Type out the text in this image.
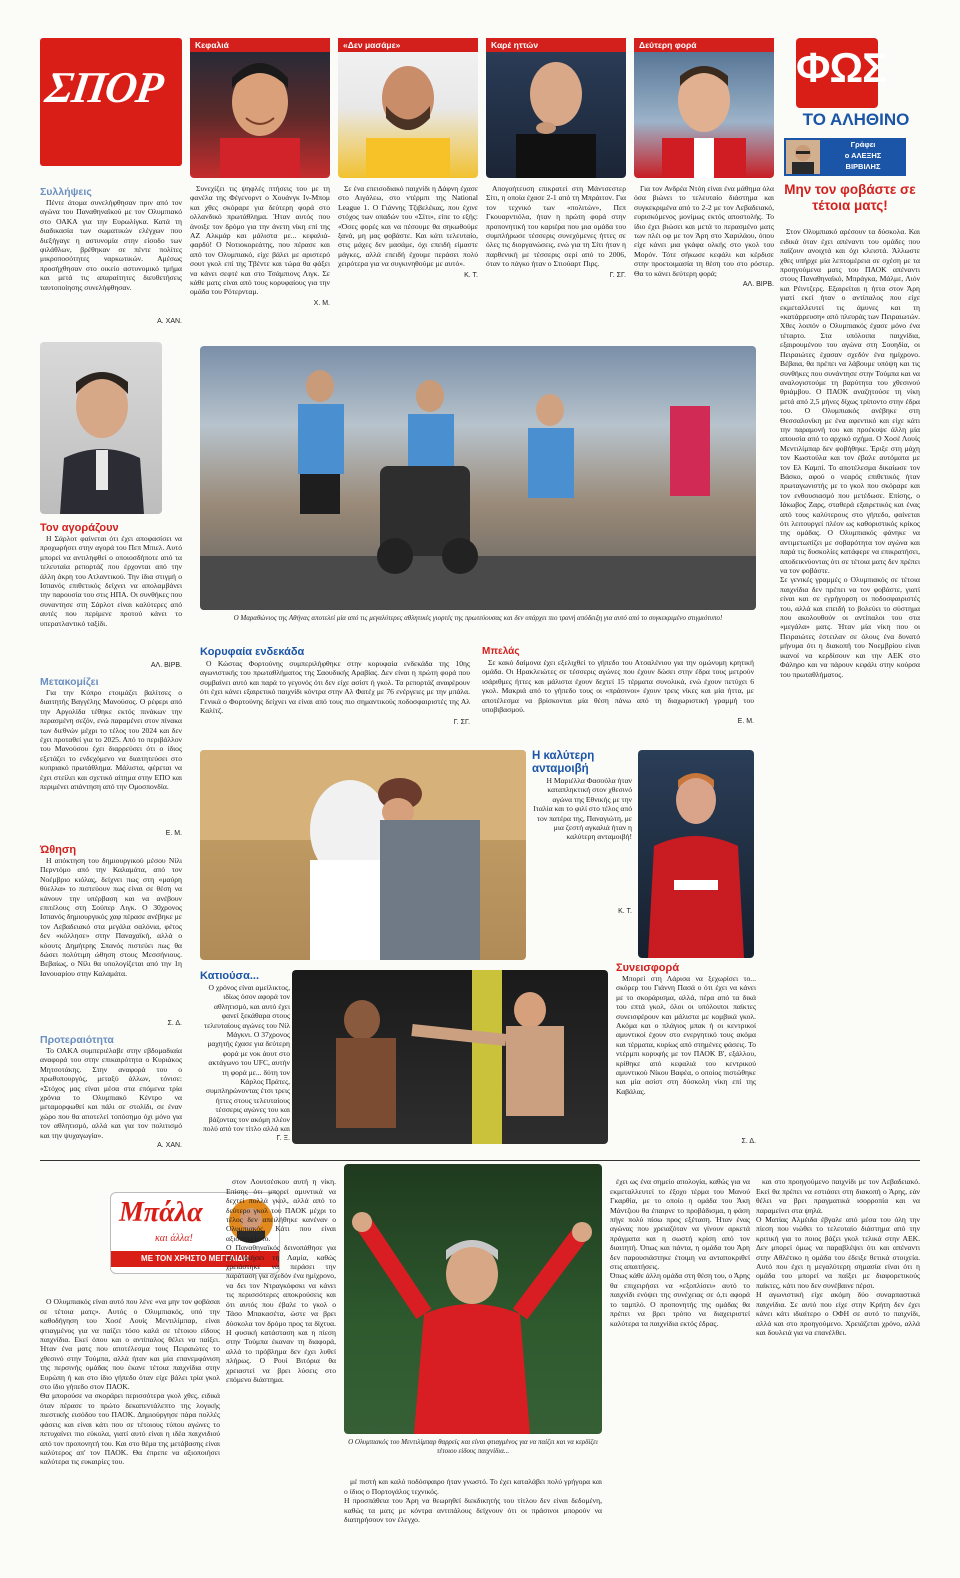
ΣΠΟΡ
Κεφαλιά	«Δεν μασάμε»	Καρέ ηττών	Δεύτερη φορά	ΦΩΣ
ΤΟ ΑΛΗΘΙΝΟ
Γράφει
ο ΑΛΕΞΗΣ
ΒΙΡΒΙΛΗΣ

Συνεχίζει τις ψηφλές πτήσεις του με τη φανέλα της Φέγενορντ ο Χουάνγκ Ιν-Μπομ και χθες σκόραρε για δεύτερη φορά στο ολλανδικό πρωτάθλημα. Ήταν αυτός που άνοιξε τον δρόμο για την άνετη νίκη επί της ΑΖ Αλκμάρ και μάλιστα με... κεφαλιά-φαρδύ! Ο Νοτιοκορεάτης, που πέρασε και από τον Ολυμπιακό, είχε βάλει με αριστερό σουτ γκολ επί της Τβέντε και τώρα θα φάξει να κάνει σεφτέ και στο Τσάμπιονς Λιγκ. Σε κάθε ματς είναι από τους κορυφαίους για την ομάδα του Ρότερνταμ.

Χ. Μ.

Σε ένα επεισοδιακό παιχνίδι η Δάφνη έχασε στο Αιγάλεω, στο ντέρμπι της National League 1. Ο Γιάννης Τζιβελέκας, που έχινε στόχος των οπαδών του «Σίτι», είπε το εξής: «Όσες φορές και να πέσουμε θα σηκωθούμε ξανά, μη μας φοβάστε. Και κάτι τελευταίο, στις μάχες δεν μασάμε, όχι επειδή είμαστε μάγκες, αλλά επειδή έχουμε περάσει πολύ χειρότερα για να συγκινηθούμε με αυτό».

Κ. Τ.

Απογοήτευση επικρατεί στη Μάντσεστερ Σίτι, η οποία έχασε 2-1 από τη Μπράιτον. Για τον τεχνικό των «πολιτών», Πεπ Γκουαρντιόλα, ήταν η πρώτη φορά στην προπονητική του καριέρα που μια ομάδα του συμπλήρωσε τέσσερις συνεχόμενες ήττες σε όλες τις διοργανώσεις, ενώ για τη Σίτι ήταν η παρθενική με τέσσερις σερί από το 2006, όταν το πάγκο ήταν ο Στιούαρτ Πιρς.

Γ. ΣΓ.

Για τον Ανδρέα Ντόη είναι ένα μάθημα όλα όσα βιώνει το τελευταίο διάστημα και συγκεκριμένα από το 2-2 με τον Λεβαδειακό, ευρισκόμενος μονίμως εκτός αποστολής. Το ίδιο έχει βιώσει και μετά το περασμένο ματς των πλέι οφ με τον Άρη στο Χαριλάου, όπου είχε κάνει μια γκάφα ολκής στο γκολ του Μορόν. Τότε σήκωσε κεφάλι και κέρδισε στην προετοιμασία τη θέση του στο ρόστερ. Θα το κάνει δεύτερη φορά;

ΑΛ. ΒΙΡΒ.
Συλλήψεις

Πέντε άτομα συνελήφθησαν πριν από τον αγώνα του Παναθηναϊκού με τον Ολυμπιακό στο ΟΑΚΑ για την Ευρωλίγκα. Κατά τη διαδικασία των σωματικών ελέγχων που διεξήγαγε η αστυνομία στην είσοδο των φιλάθλων, βρέθηκαν σε πέντε πολίτες μικροποσότητες ναρκωτικών. Αμέσως προσήχθησαν στο οικείο αστυνομικό τμήμα και μετά τις απαραίτητες διευθετήσεις ταυτοποίησης συνελήφθησαν.

Α. ΧΑΝ.
Τον αγοράζουν

Η Σάρλοτ φαίνεται ότι έχει αποφασίσει να προχωρήσει στην αγορά του Πεπ Μπιελ. Αυτό μπορεί να αντιληφθεί ο οποιοσδήποτε από τα τελευταία ρεπορτάζ που έρχονται από την άλλη άκρη του Ατλαντικού. Την ίδια στιγμή ο Ισπανός επιθετικός δείχνει να απολαμβάνει την παρουσία του στις ΗΠΑ. Οι συνθήκες που συναντησε στη Σάρλοτ είναι καλύτερες από αυτές που περίμενε προτού κάνει το υπερατλαντικό ταξίδι.

ΑΛ. ΒΙΡΒ.
Μετακομίζει

Για την Κύπρο ετοιμάζει βαλίτσες ο διαιτητής Βαγγέλης Μανούσος. Ο ρέφερι από την Αργολίδα τέθηκε εκτός πινάκων την περασμένη σεζόν, ενώ παραμένει στον πίνακα των διεθνών μέχρι το τέλος του 2024 και δεν έχει προταθεί για το 2025. Από το περιβάλλον του Μανούσου έχει διαρρεύσει ότι ο ίδιος εξετάζει το ενδεχόμενο να διαιτητεύσει στο κυπριακό πρωτάθλημα. Μάλιστα, φέρεται να έχει στείλει και σχετικό αίτημα στην ΕΠΟ και περιμένει απάντηση από την Ομοσπονδία.

Ε. Μ.
Ώθηση

Η απόκτηση του δημιουργικού μέσου Νίλι Περντόμο από την Καλαμάτα, από τον Νοέμβριο κιόλας, δείχνει πως στη «μαύρη θύελλα» το πιστεύουν πως είναι σε θέση να κάνουν την υπέρβαση και να ανέβουν επιτέλους στη Σούπερ Λιγκ. Ο 30χρονος Ισπανός δημιουργικός χαφ πέρασε ανέβηκε με τον Λεβαδειακό στα μεγάλα σαλόνια, φέτος δεν «κόλλησε» στην Παναχαϊκή, αλλά ο κόουτς Δημήτρης Σπανός πιστεύει πως θα δώσει πολύτιμη ώθηση στους Μεσσήνιους. Βεβαίως, ο Νίλι θα υπολογίζεται από την 1η Ιανουαρίου στην Καλαμάτα.

Σ. Δ.
Προτεραιότητα

Το ΟΑΚΑ συμπεριέλαβε στην εβδομαδιαία αναφορά του στην επικαιρότητα ο Κυριάκος Μητσοτάκης. Στην αναφορά του ο πρωθυπουργός, μεταξύ άλλων, τόνισε: «Στόχος μας είναι μέσα στα επόμενα τρία χρόνια το Ολυμπιακό Κέντρο να μεταμορφωθεί και πάλι σε στολίδι, σε έναν χώρο που θα αποτελεί τοπόσημο όχι μόνο για τον αθλητισμό, αλλά και για τον πολιτισμό και την ψυχαγωγία».

Α. ΧΑΝ.
Ο Μαραθώνιος της Αθήνας αποτελεί μία από τις μεγαλύτερες αθλητικές γιορτές της πρωτεύουσας και δεν υπάρχει πιο τρανή απόδειξη για αυτό από το συγκεκριμένο στιγμιότυπο!
Κορυφαία ενδεκάδα

Ο Κώστας Φορτούνης συμπεριλήφθηκε στην κορυφαία ενδεκάδα της 10ης αγωνιστικής του πρωταθλήματος της Σαουδικής Αραβίας. Δεν είναι η πρώτη φορά που συμβαίνει αυτό και παρά το γεγονός ότι δεν είχε ασίστ ή γκολ. Τα ρεπορτάζ αναφέρουν ότι έχει κάνει εξαιρετικό παιχνίδι κόντρα στην Αλ Φατέχ με 76 ενέργειες με την μπάλα. Γενικά ο Φορτούνης δείχνει να είναι από τους πιο σημαντικούς ποδοσφαιριστές της Αλ Καλίτζ.

Γ. ΣΓ.
Μπελάς

Σε κακό δαίμονα έχει εξελιχθεί το γήπεδο του Ατσαλένιου για την ομώνυμη κρητική ομάδα. Οι Ηρακλειώτες σε τέσσερις αγώνες που έχουν δώσει στην έδρα τους μετρούν ισάριθμες ήττες και μάλιστα έχουν δεχτεί 15 τέρματα συνολικά, ενώ έχουν πετύχει 6 γκολ. Μακριά από το γήπεδο τους οι «πράσινοι» έχουν τρεις νίκες και μία ήττα, με αποτέλεσμα να βρίσκονται μία θέση πάνω από τη διαχωριστική γραμμή του υποβιβασμού.

Ε. Μ.
Η καλύτερη ανταμοιβή

Η Μαριέλλα Φασούλα ήταν καταπληκτική στον χθεσινό αγώνα της Εθνικής με την Ιταλία και το φιλί στο τέλος από τον πατέρα της, Παναγιώτη, με μια ζεστή αγκαλιά ήταν η καλύτερη ανταμοιβή!

Κ. Τ.
Κατιούσα...

Ο χρόνος είναι αμείλικτος, ιδίως όσον αφορά τον αθλητισμό, και αυτό έχει φανεί ξεκάθαρα στους τελευταίους αγώνες του Νίλ Μάγκνι. Ο 37χρονος μαχητής έχασε για δεύτερη φορά με νοκ άουτ στο ακτάγωνο του UFC, αυτήν τη φορά με... δύτη τον Κάρλος Πράτες, συμπληρώνοντας έτσι τρεις ήττες στους τελευταίους τέσσερις αγώνες του και βάζοντας τον ακόμη πλέον πολύ από τον τίτλο αλλά και

Γ. Ξ.
Συνεισφορά

Μπορεί στη Λάρισα να ξεχωρίσει το... σκόρερ του Γιάννη Πασά ο ότι έχει να κάνει με το σκοράρισμα, αλλά, πέρα από τα δικά του επτά γκολ, όλοι οι υπόλοιποι παίκτες συνεισφέρουν και μάλιστα με κομβικά γκολ. Ακόμα και ο πλάγιος μπακ ή οι κεντρικοί αμυντικοί έχουν στο ενεργητικό τους ακόμα και τέρματα, κυρίως από στημένες φάσεις. Το ντέρμπι κορυφής με τον ΠΑΟΚ Β', εξάλλου, κρίθηκε από κεφαλιά του κεντρικού αμυντικού Νίκου Βαφέα, ο οποίος πιστώθηκε και μία ασίστ στη δύσκολη νίκη επί της Καβάλας.

Σ. Δ.
Μην τον φοβάστε σε τέτοια ματς!

Στον Ολυμπιακό αρέσουν τα δύσκολα. Και ειδικά όταν έχει απέναντι του ομάδες που παίζουν ανοιχτά και όχι κλειστά. Άλλωστε χθες υπήρχε μία λεπτομέρεια σε σχέση με τα προηγούμενα ματς του ΠΑΟΚ απέναντι στους Παναθηναϊκό, Μπράγκα, Μάλμε, Λιόν και Ρέιντζερς. Εξαιρείται η ήττα στον Άρη γιατί εκεί ήταν ο αντίπαλος που είχε εκμεταλλευτεί τις άμυνες και τη «κατάρρευση» από πλευράς των Πειραιωτών. Χθες λοιπόν ο Ολυμπιακός έχασε μόνο ένα τέταρτο. Στα υπόλοιπα παιχνίδια, εξαιρουμένου του αγώνα στη Σουηδία, οι Πειραιώτες έχασαν σχεδόν ένα ημίχρονο. Βέβαια, θα πρέπει να λάβουμε υπόψη και τις συνθήκες που συνάντησε στην Τούμπα και να αναλογιστούμε τη βαρύτητα του χθεσινού θριάμβου. Ο ΠΑΟΚ αναζητούσε τη νίκη μετά από 2,5 μήνες δίχως τρίποντο στην έδρα του. Ο Ολυμπιακός ανέβηκε στη Θεσσαλονίκη με ένα αφεντικό και είχε κάτι την παραμονή του και προέκυψε άλλη μία απουσία από το αρχικό σχήμα. Ο Χοσέ Λουίς Μεντιλίμπαρ δεν φοβήθηκε. Έριξε στη μάχη τον Κωστούλα και τον έβαλε αυτόματα με τον Ελ Καμπί. Το αποτέλεσμα δικαίωσε τον Βάσκο, αφού ο νεαρός επιθετικός ήταν πρωταγωνιστής με το γκολ που σκόραρε και τον ενθουσιασμό που μετέδωσε. Επίσης, ο Ιάκωβος Ζαρς, σταθερά εξαιρετικός και ένας από τους καλύτερους στο γήπεδο, φαίνεται ότι λειτουργεί πλέον ως καθοριστικός κρίκος της ομάδας. Ο Ολυμπιακός φάνηκε να αντιμετωπίζει με σοβαρότητα τον αγώνα και παρά τις δυσκολίες κατάφερε να επικρατήσει, αποδεικνύοντας ότι σε τέτοια ματς δεν πρέπει να τον φοβάστε.
Σε γενικές γραμμές ο Ολυμπιακός σε τέτοια παιχνίδια δεν πρέπει να τον φοβάστε, γιατί είναι και σε εγρήγορση οι ποδοσφαιριστές του, αλλά και επειδή το βολεύει το σύστημα που ακολουθούν οι αντίπαλοι του στα «μεγάλα» ματς. Ήταν μία νίκη που οι Πειραιώτες έστειλαν σε όλους ένα δυνατό μήνυμα ότι η διακοπή του Νοεμβρίου είναι ικανοί να κερδίσουν και την ΑΕΚ στο Φάληρο και να πάρουν κεφάλι στην κούρσα του πρωταθλήματος.

Μπάλα
και άλλα!
ΜΕ ΤΟΝ ΧΡΗΣΤΟ ΜΕΓΓΑΙΔΗ

Ο Ολυμπιακός είναι αυτό που λένε «να μην τον φοβάσαι σε τέτοια ματς». Αυτός ο Ολυμπιακός, υπό την καθοδήγηση του Χοσέ Λουίς Μεντιλίμπαρ, είναι φτιαγμένος για να παίζει τόσο καλά σε τέτοιου είδους παιχνίδια. Εκεί όπου και ο αντίπαλος θέλει να παίξει. Ήταν ένα ματς που αποτέλεσμα τους Πειραιώτες το χθεσινό στην Τούμπα, αλλά ήταν και μία επανεμφάνιση της περσινής ομάδας που έκανε τέτοια παιχνίδια στην Ευρώπη ή και στο ίδιο γήπεδο όταν είχε βάλει τρία γκολ στο ίδιο γήπεδο στον ΠΑΟΚ.
Θα μπορούσε να σκοράρει περισσότερα γκολ χθες, ειδικά όταν πέρασε το πρώτο δεκαπεντάλεπτο της λογικής πιεστικής εισόδου του ΠΑΟΚ. Δημιούργησε πάρα πολλές φάσεις και είναι κάτι που σε τέτοιους τύπου αγώνες το πετυχαίνει πιο εύκολα, γιατί αυτό είναι η ιδέα παιχνιδιού από τον προπονητή του. Και στο θέμα της μετάβασης είναι καλύτερος απ' τον ΠΑΟΚ. Θα έπρεπε να αξιοποιήσει καλύτερα τις ευκαιρίες του.

στον Λουτσέσκου αυτή η νίκη. Επίσης ότι μπορεί αμυντικά να δεχτεί πολλά γκολ, αλλά από το δεύτερο γκολ του ΠΑΟΚ μέχρι το τέλος δεν απειλήθηκε κανέναν ο Ολυμπιακός. Κάτι που είναι αξιοσημείωτο.
Ο Παναθηναϊκός δεινοπάθησε για να νικήσει τη Λαμία, καθώς χρειάστηκε να περάσει την παράταση για σχεδόν ένα ημίχρονο, να δει τον Ντραγκόφσκι να κάνει τις περισσότερες αποκρούσεις και ότι αυτός που έβαλε το γκολ ο Τάσο Μπακασέτα, ώστε να βρει δύσκολα τον δρόμο προς τα δίχτυα. Η φυσική κατάσταση και η πίεση στην Τούμπα έκαναν τη διαφορά, αλλά το πρόβλημα δεν έχει λυθεί πλήρως. Ο Ρουί Βιτόρια θα χρειαστεί να βρει λύσεις στο επόμενο διάστημα.

Ο Ολυμπιακός του Μεντιλίμπαρ θαρρείς και είναι φτιαγμένος για να παίζει και να κερδίζει τέτοιου είδους παιχνίδια...

μέ πιστή και καλό ποδόσφαιρο ήταν γνωστό. Το έχει καταλάβει πολύ γρήγορα και ο ίδιος ο Πορτογάλος τεχνικός.
Η προσπάθεια του Άρη να θεωρηθεί διεκδικητής του τίτλου δεν είναι δεδομένη, καθώς τα ματς με κόντρα αντιπάλους δείχνουν ότι οι πράσινοι μπορούν να διατηρήσουν τον έλεγχο.

έχει ως ένα σημείο απολογία, καθώς για να εκμεταλλευτεί το έξοχο τέρμα του Μανού Γκαρθία, με το οποίο η ομάδα του Άκη Μάντζιου θα έπαιρνε το προβάδισμα, η φάση πήγε πολύ πίσω προς εξέταση. Ήταν ένας αγώνας που χρειαζόταν να γίνουν αρκετά πράγματα και η σωστή κρίση από τον διαιτητή. Όπως και πάντα, η ομάδα του Άρη δεν παρουσιάστηκε έτοιμη να ανταποκριθεί στις απαιτήσεις.
Όπως κάθε άλλη ομάδα στη θέση του, ο Άρης θα επιχειρήσει να «εξοπλίσει» αυτό το παιχνίδι ενόψει της συνέχειας σε ό,τι αφορά το ταμπλό. Ο προπονητής της ομάδας θα πρέπει να βρει τρόπο να διαχειριστεί καλύτερα τα παιχνίδια εκτός έδρας.

και στο προηγούμενο παιχνίδι με τον Λεβαδειακό. Εκεί θα πρέπει να εστιάσει στη διακοπή ο Άρης, εάν θέλει να βρει πραγματικά ισορροπία και να παραμείνει στα ψηλά.
Ο Ματίας Αλμέιδα έβγαλε από μέσα του όλη την πίεση που νιώθει το τελευταίο διάστημα από την κριτική για το ποιος βάζει γκολ τελικά στην ΑΕΚ. Δεν μπορεί όμως να παραβλέψει ότι και απέναντι στην Αθλέτικο η ομάδα του έδειξε θετικά στοιχεία. Αυτό που έχει η μεγαλύτερη σημασία είναι ότι η ομάδα του μπορεί να παίξει με διαφορετικούς παίκτες, κάτι που δεν συνέβαινε πέρσι.
Η αγωνιστική είχε ακόμη δύο συναρπαστικά παιχνίδια. Σε αυτό που είχε στην Κρήτη δεν έχει κάνει κάτι ιδιαίτερο ο ΟΦΗ σε αυτό το παιχνίδι, αλλά και στο προηγούμενο. Χρειάζεται χρόνο, αλλά και δουλειά για να επανέλθει.
